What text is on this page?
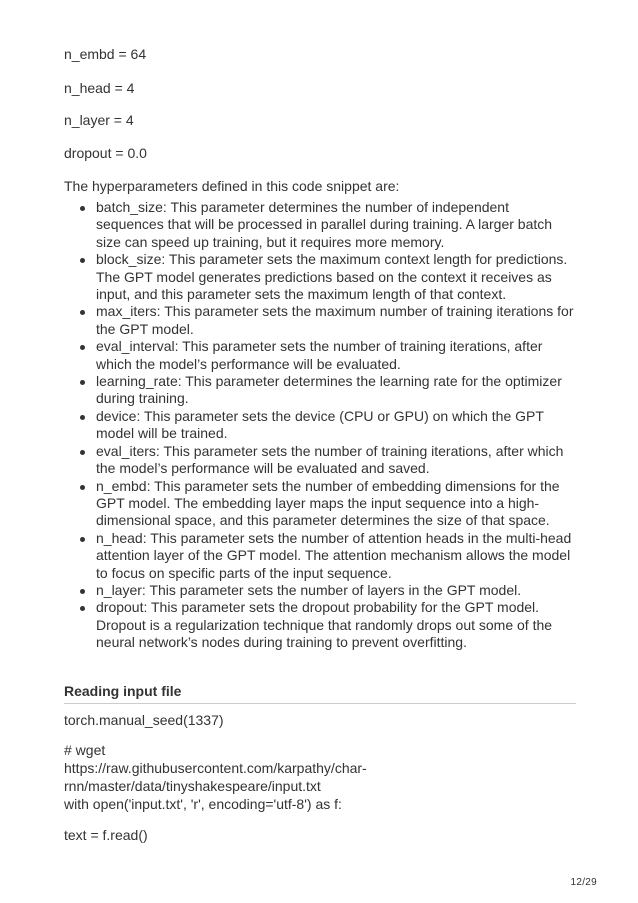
n_embd = 64
n_head = 4
n_layer = 4
dropout = 0.0
The hyperparameters defined in this code snippet are:
batch_size: This parameter determines the number of independent sequences that will be processed in parallel during training. A larger batch size can speed up training, but it requires more memory.
block_size: This parameter sets the maximum context length for predictions. The GPT model generates predictions based on the context it receives as input, and this parameter sets the maximum length of that context.
max_iters: This parameter sets the maximum number of training iterations for the GPT model.
eval_interval: This parameter sets the number of training iterations, after which the model’s performance will be evaluated.
learning_rate: This parameter determines the learning rate for the optimizer during training.
device: This parameter sets the device (CPU or GPU) on which the GPT model will be trained.
eval_iters: This parameter sets the number of training iterations, after which the model’s performance will be evaluated and saved.
n_embd: This parameter sets the number of embedding dimensions for the GPT model. The embedding layer maps the input sequence into a high-dimensional space, and this parameter determines the size of that space.
n_head: This parameter sets the number of attention heads in the multi-head attention layer of the GPT model. The attention mechanism allows the model to focus on specific parts of the input sequence.
n_layer: This parameter sets the number of layers in the GPT model.
dropout: This parameter sets the dropout probability for the GPT model. Dropout is a regularization technique that randomly drops out some of the neural network’s nodes during training to prevent overfitting.
Reading input file
torch.manual_seed(1337)
# wget https://raw.githubusercontent.com/karpathy/char-rnn/master/data/tinyshakespeare/input.txt
with open('input.txt', 'r', encoding='utf-8') as f:
text = f.read()
12/29
